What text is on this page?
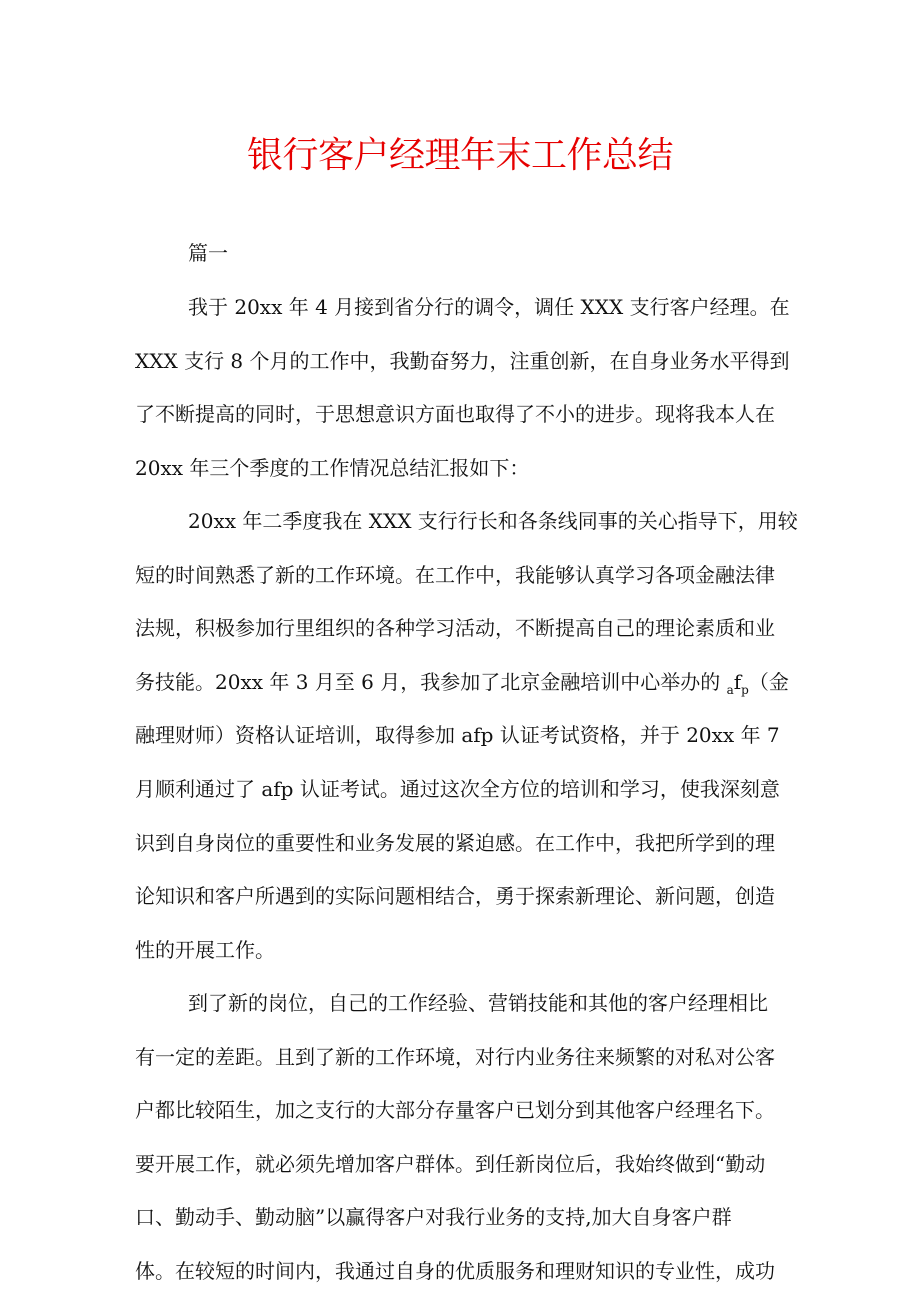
银行客户经理年末工作总结

篇一

我于 20xx 年 4 月接到省分行的调令，调任 XXX 支行客户经理。在

XXX 支行 8 个月的工作中，我勤奋努力，注重创新，在自身业务水平得到

了不断提高的同时，于思想意识方面也取得了不小的进步。现将我本人在

20xx 年三个季度的工作情况总结汇报如下：

20xx 年二季度我在 XXX 支行行长和各条线同事的关心指导下，用较

短的时间熟悉了新的工作环境。在工作中，我能够认真学习各项金融法律

法规，积极参加行里组织的各种学习活动，不断提高自己的理论素质和业

务技能。20xx 年 3 月至 6 月，我参加了北京金融培训中心举办的 $_af_p$（金

融理财师）资格认证培训，取得参加 afp 认证考试资格，并于 20xx 年 7

月顺利通过了 afp 认证考试。通过这次全方位的培训和学习，使我深刻意

识到自身岗位的重要性和业务发展的紧迫感。在工作中，我把所学到的理

论知识和客户所遇到的实际问题相结合，勇于探索新理论、新问题，创造

性的开展工作。

到了新的岗位，自己的工作经验、营销技能和其他的客户经理相比

有一定的差距。且到了新的工作环境，对行内业务往来频繁的对私对公客

户都比较陌生，加之支行的大部分存量客户已划分到其他客户经理名下。

要开展工作，就必须先增加客户群体。到任新岗位后，我始终做到“勤动

口、勤动手、勤动脑”以赢得客户对我行业务的支持,加大自身客户群

体。在较短的时间内，我通过自身的优质服务和理财知识的专业性，成功
